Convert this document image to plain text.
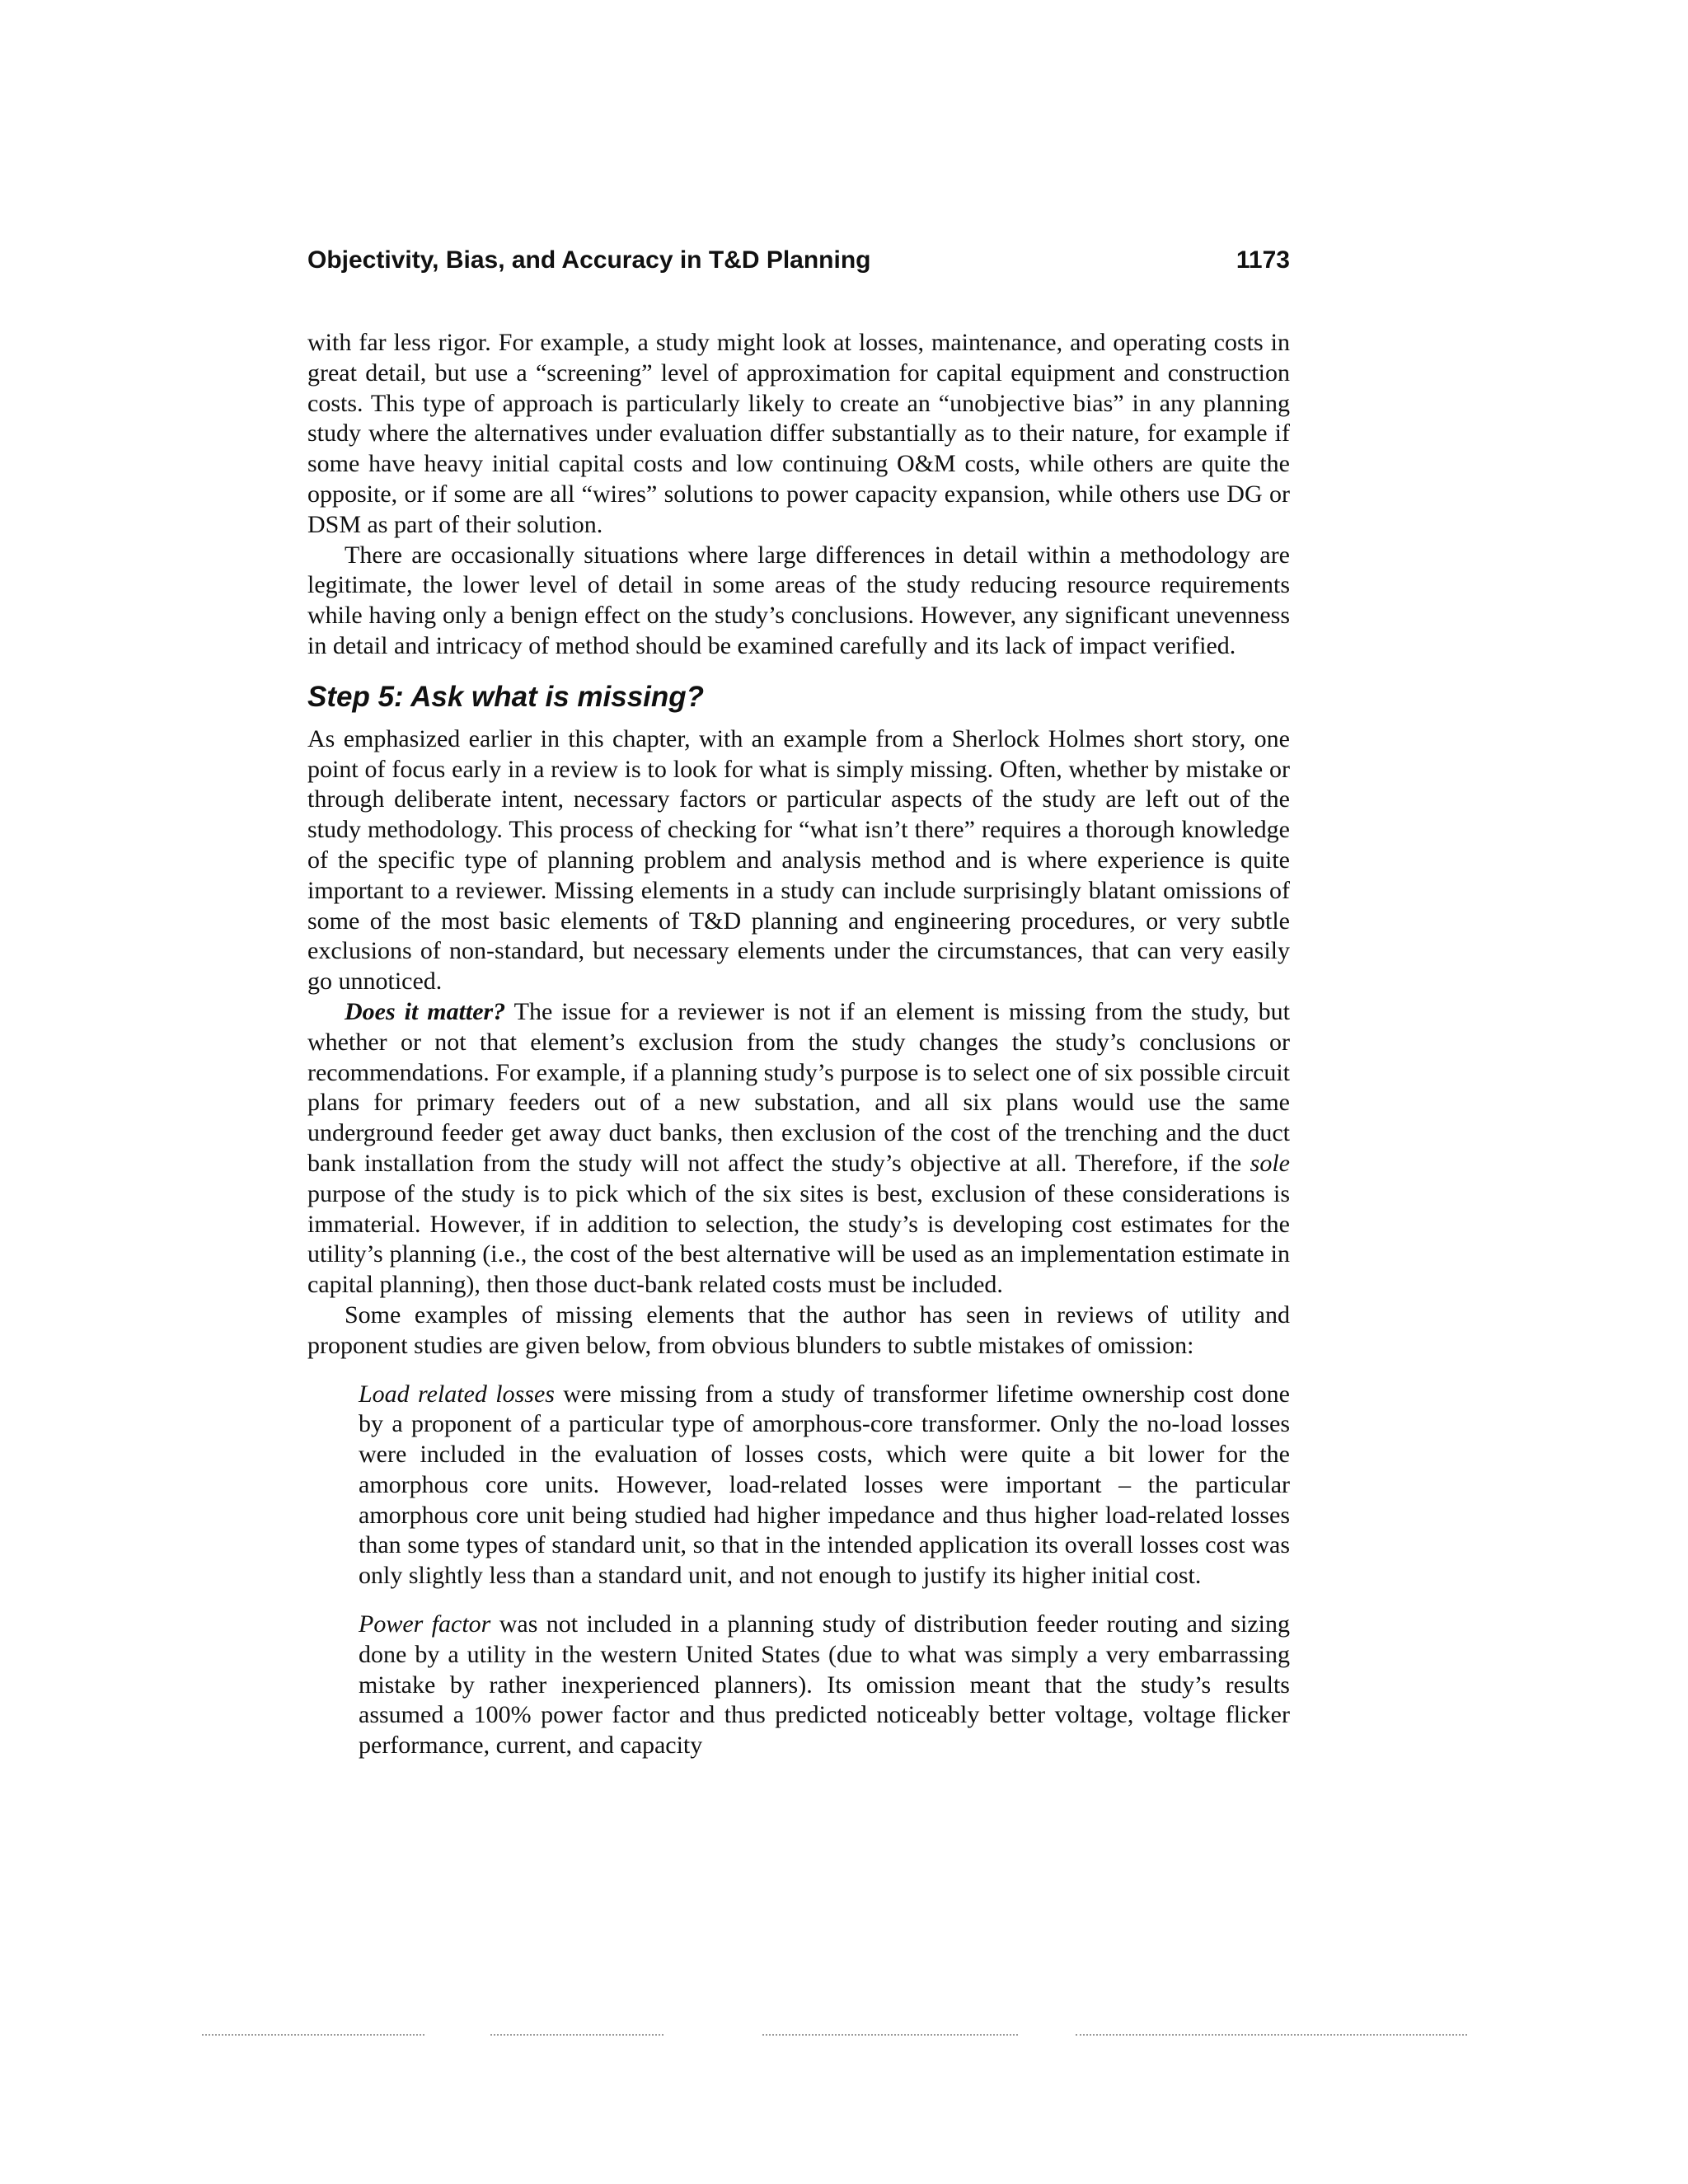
Objectivity, Bias, and Accuracy in T&D Planning	1173

with far less rigor. For example, a study might look at losses, maintenance, and operating costs in great detail, but use a “screening” level of approximation for capital equipment and construction costs. This type of approach is particularly likely to create an “unobjective bias” in any planning study where the alternatives under evaluation differ substantially as to their nature, for example if some have heavy initial capital costs and low continuing O&M costs, while others are quite the opposite, or if some are all “wires” solutions to power capacity expansion, while others use DG or DSM as part of their solution.

There are occasionally situations where large differences in detail within a methodology are legitimate, the lower level of detail in some areas of the study reducing resource requirements while having only a benign effect on the study’s conclusions. However, any significant unevenness in detail and intricacy of method should be examined carefully and its lack of impact verified.

Step 5: Ask what is missing?

As emphasized earlier in this chapter, with an example from a Sherlock Holmes short story, one point of focus early in a review is to look for what is simply missing. Often, whether by mistake or through deliberate intent, necessary factors or particular aspects of the study are left out of the study methodology. This process of checking for “what isn’t there” requires a thorough knowledge of the specific type of planning problem and analysis method and is where experience is quite important to a reviewer. Missing elements in a study can include surprisingly blatant omissions of some of the most basic elements of T&D planning and engineering procedures, or very subtle exclusions of non-standard, but necessary elements under the circumstances, that can very easily go unnoticed.

Does it matter? The issue for a reviewer is not if an element is missing from the study, but whether or not that element’s exclusion from the study changes the study’s conclusions or recommendations. For example, if a planning study’s purpose is to select one of six possible circuit plans for primary feeders out of a new substation, and all six plans would use the same underground feeder get away duct banks, then exclusion of the cost of the trenching and the duct bank installation from the study will not affect the study’s objective at all. Therefore, if the sole purpose of the study is to pick which of the six sites is best, exclusion of these considerations is immaterial. However, if in addition to selection, the study’s is developing cost estimates for the utility’s planning (i.e., the cost of the best alternative will be used as an implementation estimate in capital planning), then those duct-bank related costs must be included.

Some examples of missing elements that the author has seen in reviews of utility and proponent studies are given below, from obvious blunders to subtle mistakes of omission:

Load related losses were missing from a study of transformer lifetime ownership cost done by a proponent of a particular type of amorphous-core transformer. Only the no-load losses were included in the evaluation of losses costs, which were quite a bit lower for the amorphous core units. However, load-related losses were important – the particular amorphous core unit being studied had higher impedance and thus higher load-related losses than some types of standard unit, so that in the intended application its overall losses cost was only slightly less than a standard unit, and not enough to justify its higher initial cost.
Power factor was not included in a planning study of distribution feeder routing and sizing done by a utility in the western United States (due to what was simply a very embarrassing mistake by rather inexperienced planners). Its omission meant that the study’s results assumed a 100% power factor and thus predicted noticeably better voltage, voltage flicker performance, current, and capacity
